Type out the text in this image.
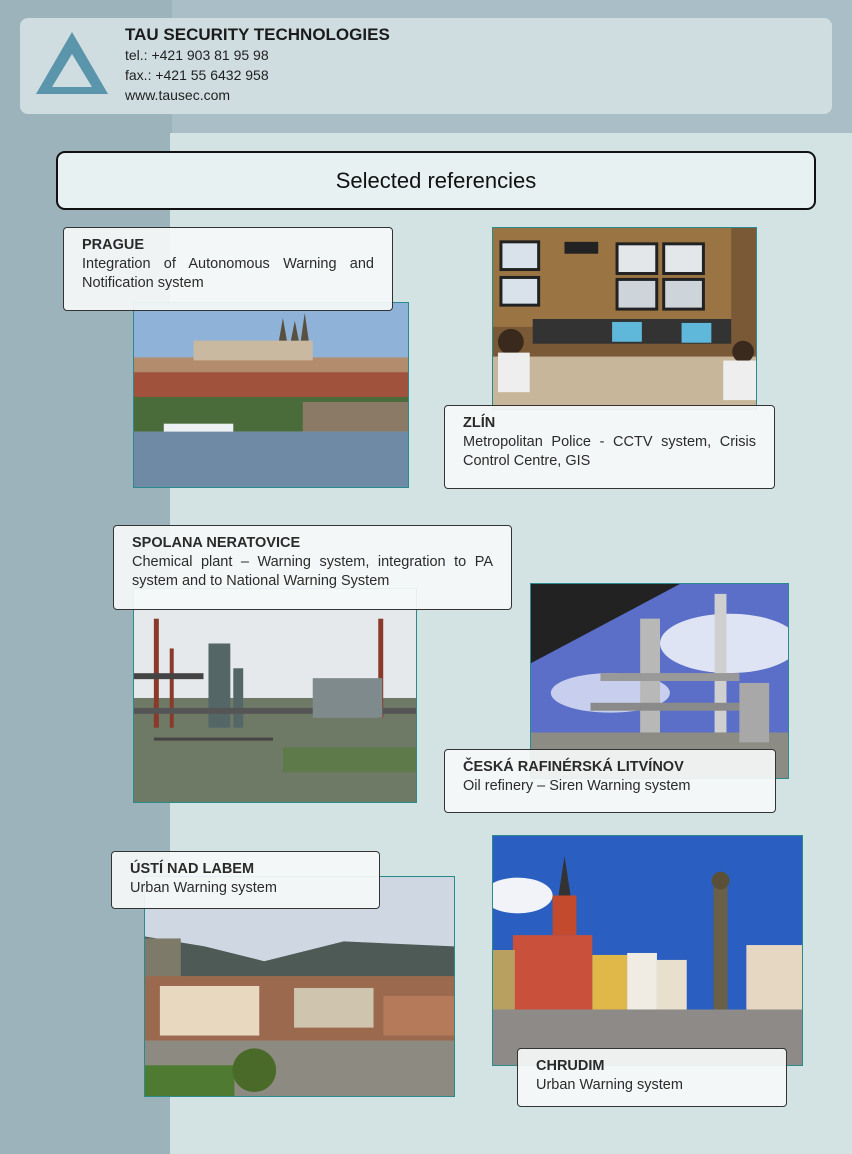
TAU SECURITY TECHNOLOGIES
tel.: +421 903 81 95 98
fax.: +421 55 6432 958
www.tausec.com
Selected referencies
PRAGUE
Integration of Autonomous Warning and Notification system
ZLÍN
Metropolitan Police - CCTV system, Crisis Control Centre, GIS
SPOLANA NERATOVICE
Chemical plant – Warning system, integration to PA system and to National Warning System
ČESKÁ RAFINÉRSKÁ LITVÍNOV
Oil refinery – Siren Warning system
ÚSTÍ NAD LABEM
Urban Warning system
CHRUDIM
Urban Warning system
